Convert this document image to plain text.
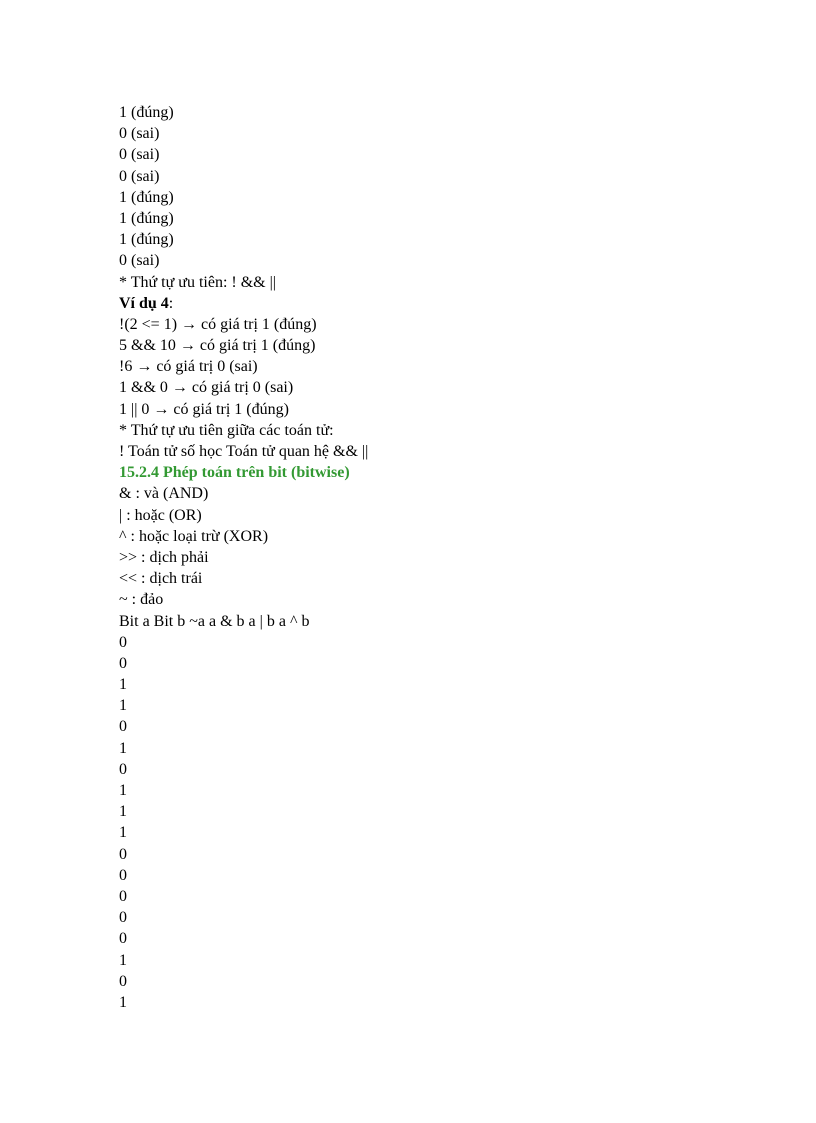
1 (đúng)
0 (sai)
0 (sai)
0 (sai)
1 (đúng)
1 (đúng)
1 (đúng)
0 (sai)
* Thứ tự ưu tiên: ! && ||
Ví dụ 4:
!(2 <= 1) → có giá trị 1 (đúng)
5 && 10 → có giá trị 1 (đúng)
!6 → có giá trị 0 (sai)
1 && 0 → có giá trị 0 (sai)
1 || 0 → có giá trị 1 (đúng)
* Thứ tự ưu tiên giữa các toán tử:
! Toán tử số học Toán tử quan hệ && ||
15.2.4 Phép toán trên bit (bitwise)
& : và (AND)
| : hoặc (OR)
^ : hoặc loại trừ (XOR)
>> : dịch phải
<< : dịch trái
~ : đảo
Bit a Bit b ~a a & b a | b a ^ b
0
0
1
1
0
1
0
1
1
1
0
0
0
0
0
1
0
1
